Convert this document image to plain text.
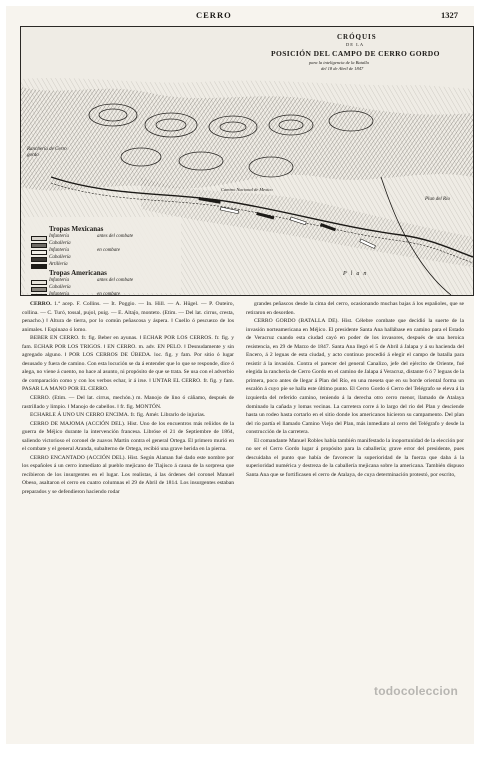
CERRO	1327
CRÓQUIS
DE LA
POSICIÓN DEL CAMPO DE CERRO GORDO
para la inteligencia de la Batalla
del 18 de Abril de 1847
Ranchería de Cerro gordo
Plan del Rio
Plan
Camino Nacional de Mexico
Tropas Mexicanas
Infantería	antes del combate
Caballería
Infantería	en combate
Caballería
Artillería
Tropas Americanas
Infantería	antes del combate
Caballería
Infantería	en combate

CERRO. 1.ª acep. F. Collins. — It. Poggio. — In. Hill. — A. Hügel. — P. Outeiro, collina. — C. Turó, tossal, pujol, puig. — E. Altaĵo, monteto. (Etim. — Del lat. cirrus, cresta, penacho.) ‖ Altura de tierra, por lo común peñascosa y áspera. ‖ Cuello ó pescuezo de los animales. ‖ Espinazo ó lomo.

BEBER EN CERRO. fr. fig. Beber en ayunas. ‖ ECHAR POR LOS CERROS. fr. fig. y fam. ECHAR POR LOS TRIGOS. ‖ EN CERRO. m. adv. EN PELO. ‖ Desnudamente y sin agregado alguno. ‖ POR LOS CERROS DE ÚBEDA. loc. fig. y fam. Por sitio ó lugar desusado y fuera de camino. Con esta locución se da á entender que lo que se responde, dice ó alega, no viene á cuento, no hace al asunto, ni propósito de que se trata. Se usa con el adverbio de comparación como y con los verbos echar, ir á irse. ‖ UNTAR EL CERRO. fr. fig. y fam. PASAR LA MANO POR EL CERRO.

CERRO. (Etim. — Del lat. cirrus, mechón.) m. Manojo de lino ó cáñamo, después de rastrillado y limpio. ‖ Manojo de cabellos. ‖ fr. fig. MONTÓN.

ECHARLE Á UNO UN CERRO ENCIMA. fr. fig. Amér. Librarlo de injurias.

CERRO DE MAJOMA (ACCIÓN DEL). Hist. Uno de los encuentros más reñidos de la guerra de Méjico durante la intervención francesa. Libróse el 21 de Septiembre de 1864, saliendo victorioso el coronel de zuavos Martin contra el general Ortega. El primero murió en el combate y el general Aranda, subalterno de Ortega, recibió una grave herida en la pierna.

CERRO ENCANTADO (ACCIÓN DEL). Hist. Según Alaman fué dado este nombre por los españoles á un cerro inmediato al pueblo mejicano de Tlajisco á causa de la sorpresa que recibieron de los insurgentes en el lugar. Los realistas, á las órdenes del coronel Manuel Obeso, asaltaron el cerro en cuatro columnas el 29 de Abril de 1814. Los insurgentes estaban preparados y se defendieron haciendo rodar

grandes peñascos desde la cima del cerro, ocasionando muchas bajas á los españoles, que se retiraron en desorden.

CERRO GORDO (BATALLA DE). Hist. Célebre combate que decidió la suerte de la invasión norteamericana en Méjico. El presidente Santa Ana hallábase en camino para el Estado de Veracruz cuando esta ciudad cayó en poder de los invasores, después de una heroica resistencia, en 29 de Marzo de 1847. Santa Ana llegó el 5 de Abril á Jalapa y á su hacienda del Encero, á 2 leguas de esta ciudad, y acto continuo procedió á elegir el campo de batalla para resistir á la invasión. Contra el parecer del general Canalizo, jefe del ejército de Oriente, fué elegida la ranchería de Cerro Gordo en el camino de Jalapa á Veracruz, distante 6 ó 7 leguas de la primera, poco antes de llegar á Plan del Río, en una meseta que en su borde oriental forma un escalón á cuyo pie se halla este último punto. El Cerro Gordo ó Cerro del Telégrafo se eleva á la izquierda del referido camino, teniendo á la derecha otro cerro menor, llamado de Atalaya dominado la cañada y lomas vecinas. La carretera corre á lo largo del río del Plan y desciende hasta un rodeo hasta cortarlo en el sitio donde los americanos hicieron su campamento. Del plan del río partía el llamado Camino Viejo del Plan, más inmediato al cerro del Telégrafo y desde la construcción de la carretera.

El comandante Manuel Robles había también manifestado la inoportunidad de la elección por no ser el Cerro Gordo lugar á propósito para la caballería; grave error del presidente, pues descuidaba el punto que había de favorecer la superioridad de la fuerza que daba á la superioridad numérica y destreza de la caballería mejicana sobre la americana. También dispuso Santa Ana que se fortificasen el cerro de Atalaya, de cuya determinación protestó, por escrito,

todocoleccion
